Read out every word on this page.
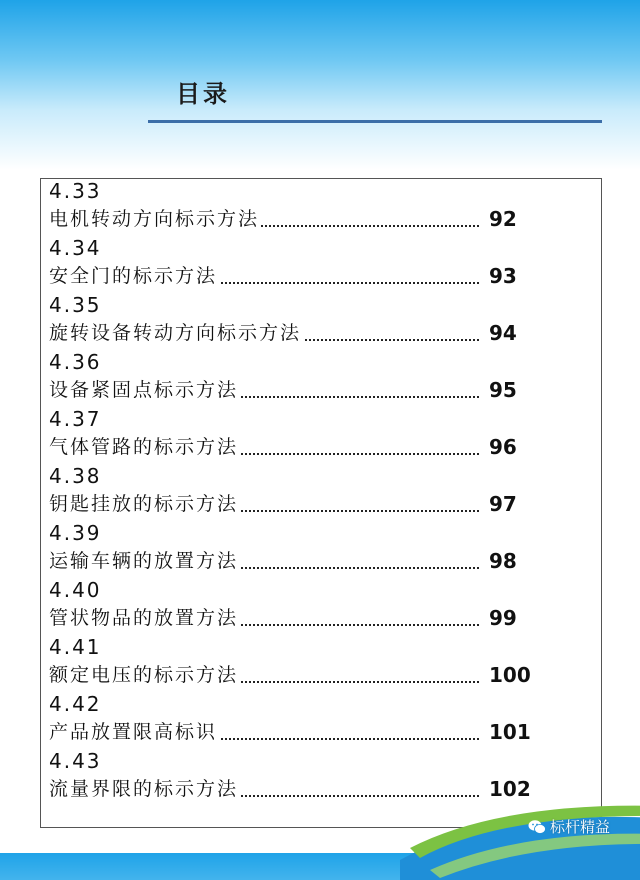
目录
4.33
电机转动方向标示方法	92
4.34
安全门的标示方法	93
4.35
旋转设备转动方向标示方法	94
4.36
设备紧固点标示方法	95
4.37
气体管路的标示方法	96
4.38
钥匙挂放的标示方法	97
4.39
运输车辆的放置方法	98
4.40
管状物品的放置方法	99
4.41
额定电压的标示方法	100
4.42
产品放置限高标识	101
4.43
流量界限的标示方法	102
标杆精益
